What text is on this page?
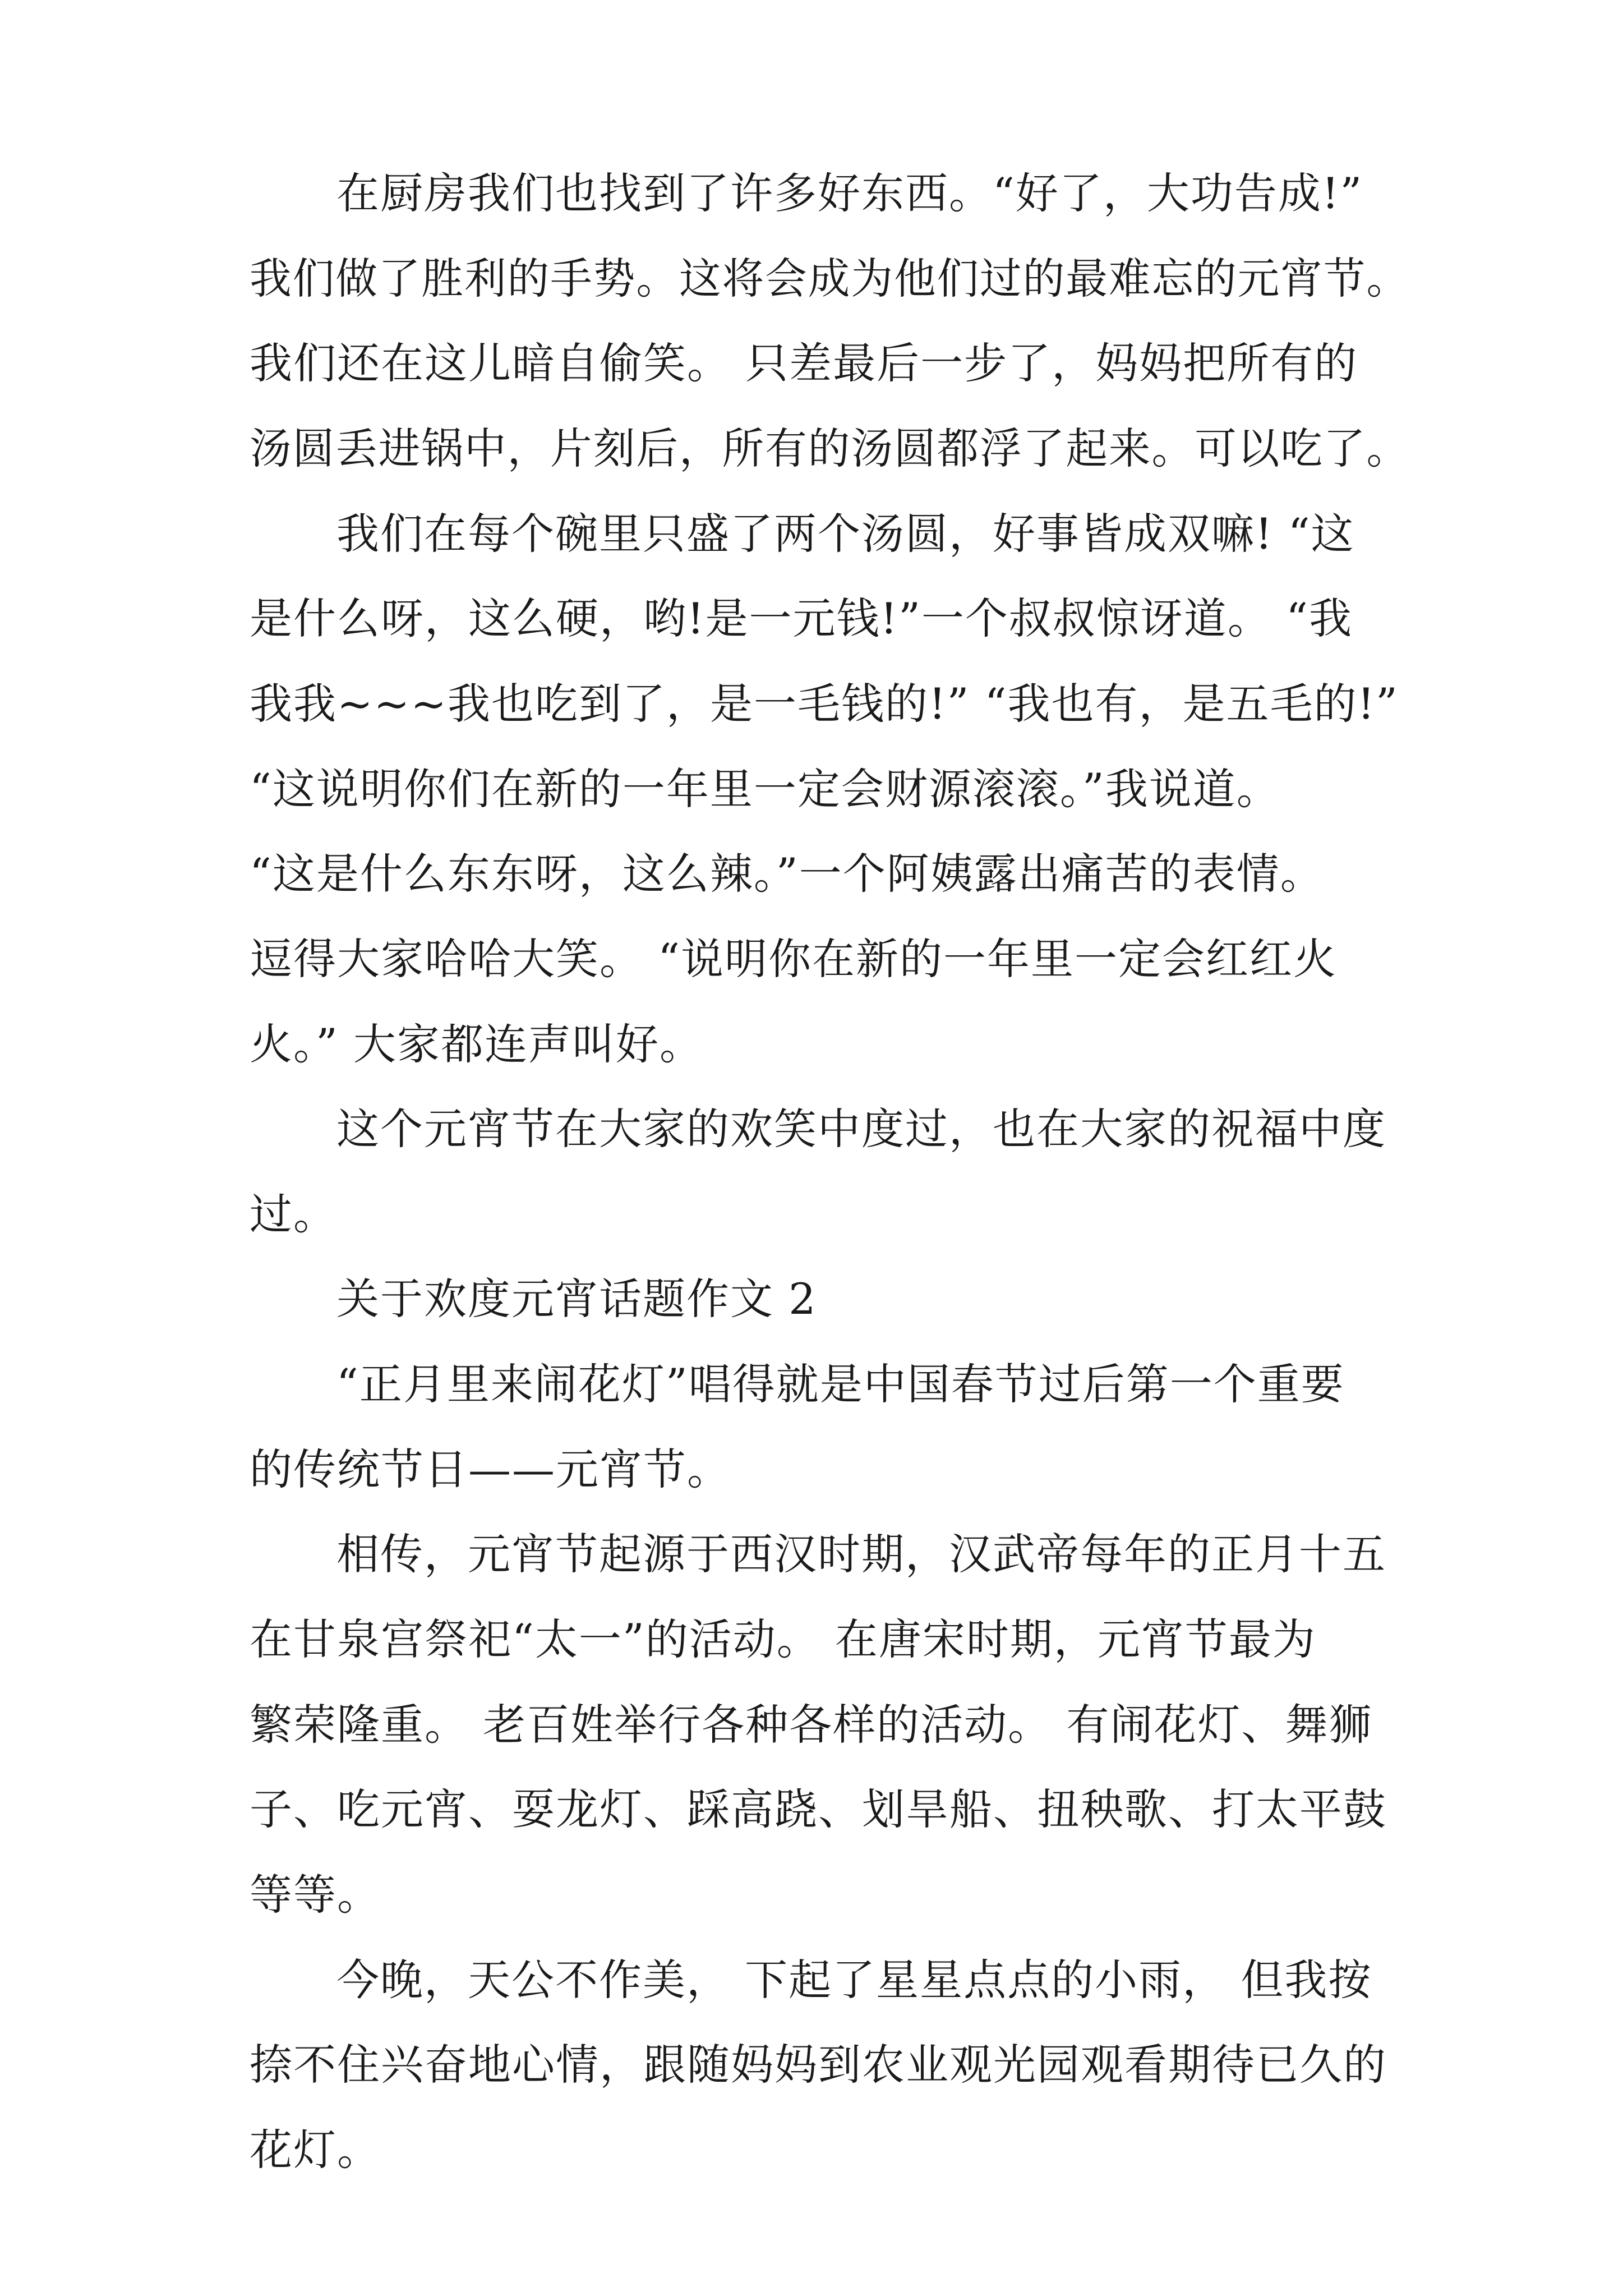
在厨房我们也找到了许多好东西。“好了，大功告成!”
我们做了胜利的手势。这将会成为他们过的最难忘的元宵节。
我们还在这儿暗自偷笑。 只差最后一步了，妈妈把所有的
汤圆丢进锅中，片刻后，所有的汤圆都浮了起来。可以吃了。
我们在每个碗里只盛了两个汤圆，好事皆成双嘛! “这
是什么呀，这么硬，哟!是一元钱!”一个叔叔惊讶道。 “我
我我~~~我也吃到了，是一毛钱的!” “我也有，是五毛的!”
“这说明你们在新的一年里一定会财源滚滚。”我说道。
“这是什么东东呀，这么辣。”一个阿姨露出痛苦的表情。
逗得大家哈哈大笑。 “说明你在新的一年里一定会红红火
火。” 大家都连声叫好。
这个元宵节在大家的欢笑中度过，也在大家的祝福中度
过。
关于欢度元宵话题作文 2
“正月里来闹花灯”唱得就是中国春节过后第一个重要
的传统节日——元宵节。
相传，元宵节起源于西汉时期，汉武帝每年的正月十五
在甘泉宫祭祀“太一”的活动。 在唐宋时期，元宵节最为
繁荣隆重。 老百姓举行各种各样的活动。 有闹花灯、舞狮
子、吃元宵、耍龙灯、踩高跷、划旱船、扭秧歌、打太平鼓
等等。
今晚，天公不作美， 下起了星星点点的小雨， 但我按
捺不住兴奋地心情，跟随妈妈到农业观光园观看期待已久的
花灯。
